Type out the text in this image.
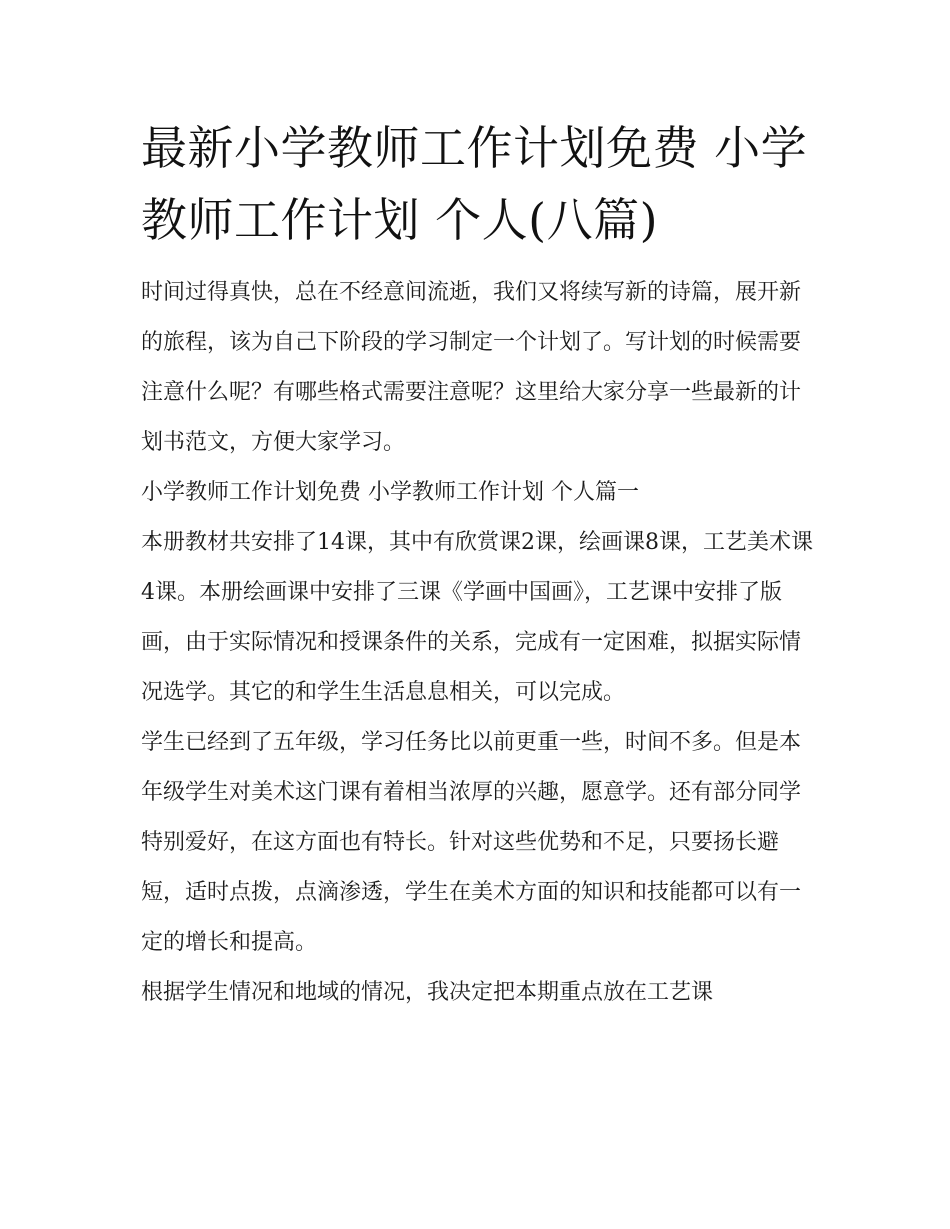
最新小学教师工作计划免费 小学教师工作计划 个人(八篇)

时间过得真快，总在不经意间流逝，我们又将续写新的诗篇，展开新的旅程，该为自己下阶段的学习制定一个计划了。写计划的时候需要注意什么呢？有哪些格式需要注意呢？这里给大家分享一些最新的计划书范文，方便大家学习。

小学教师工作计划免费 小学教师工作计划 个人篇一

本册教材共安排了14课，其中有欣赏课2课，绘画课8课，工艺美术课4课。本册绘画课中安排了三课《学画中国画》，工艺课中安排了版画，由于实际情况和授课条件的关系，完成有一定困难，拟据实际情况选学。其它的和学生生活息息相关，可以完成。

学生已经到了五年级，学习任务比以前更重一些，时间不多。但是本年级学生对美术这门课有着相当浓厚的兴趣，愿意学。还有部分同学特别爱好，在这方面也有特长。针对这些优势和不足，只要扬长避短，适时点拨，点滴渗透，学生在美术方面的知识和技能都可以有一定的增长和提高。

根据学生情况和地域的情况，我决定把本期重点放在工艺课
